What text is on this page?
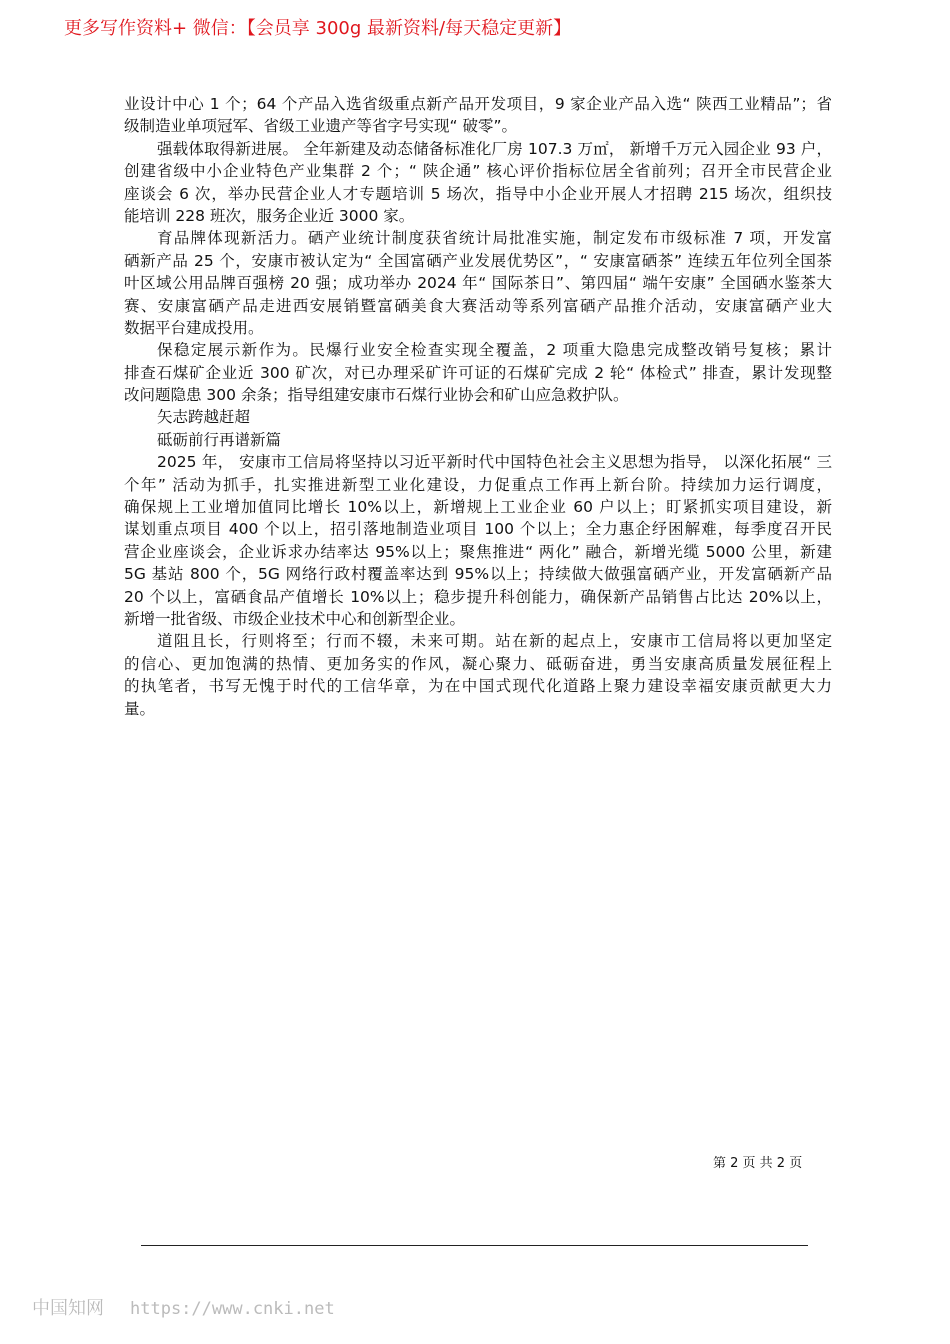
更多写作资料+ 微信：【会员享 300g 最新资料/每天稳定更新】
业设计中心 1 个；64 个产品入选省级重点新产品开发项目，9 家企业产品入选“ 陕西工业精品”；省
级制造业单项冠军、省级工业遗产等省字号实现“ 破零”。
强载体取得新进展。 全年新建及动态储备标准化厂房 107.3 万㎡， 新增千万元入园企业 93 户，
创建省级中小企业特色产业集群 2 个；“ 陕企通” 核心评价指标位居全省前列；召开全市民营企业
座谈会 6 次，举办民营企业人才专题培训 5 场次，指导中小企业开展人才招聘 215 场次，组织技
能培训 228 班次，服务企业近 3000 家。
育品牌体现新活力。硒产业统计制度获省统计局批准实施，制定发布市级标准 7 项，开发富
硒新产品 25 个，安康市被认定为“ 全国富硒产业发展优势区”，“ 安康富硒茶” 连续五年位列全国茶
叶区域公用品牌百强榜 20 强；成功举办 2024 年“ 国际茶日”、第四届“ 端午安康” 全国硒水鉴茶大
赛、安康富硒产品走进西安展销暨富硒美食大赛活动等系列富硒产品推介活动，安康富硒产业大
数据平台建成投用。
保稳定展示新作为。民爆行业安全检查实现全覆盖，2 项重大隐患完成整改销号复核；累计
排查石煤矿企业近 300 矿次，对已办理采矿许可证的石煤矿完成 2 轮“ 体检式” 排查，累计发现整
改问题隐患 300 余条；指导组建安康市石煤行业协会和矿山应急救护队。
矢志跨越赶超
砥砺前行再谱新篇
2025 年， 安康市工信局将坚持以习近平新时代中国特色社会主义思想为指导， 以深化拓展“ 三
个年” 活动为抓手，扎实推进新型工业化建设，力促重点工作再上新台阶。持续加力运行调度，
确保规上工业增加值同比增长 10%以上，新增规上工业企业 60 户以上；盯紧抓实项目建设，新
谋划重点项目 400 个以上，招引落地制造业项目 100 个以上；全力惠企纾困解难，每季度召开民
营企业座谈会，企业诉求办结率达 95%以上；聚焦推进“ 两化” 融合，新增光缆 5000 公里，新建
5G 基站 800 个，5G 网络行政村覆盖率达到 95%以上；持续做大做强富硒产业，开发富硒新产品
20 个以上，富硒食品产值增长 10%以上；稳步提升科创能力，确保新产品销售占比达 20%以上，
新增一批省级、市级企业技术中心和创新型企业。
道阻且长，行则将至；行而不辍，未来可期。站在新的起点上，安康市工信局将以更加坚定
的信心、更加饱满的热情、更加务实的作风，凝心聚力、砥砺奋进，勇当安康高质量发展征程上
的执笔者，书写无愧于时代的工信华章，为在中国式现代化道路上聚力建设幸福安康贡献更大力
量。
第 2 页 共 2 页
中国知网 https://www.cnki.net
